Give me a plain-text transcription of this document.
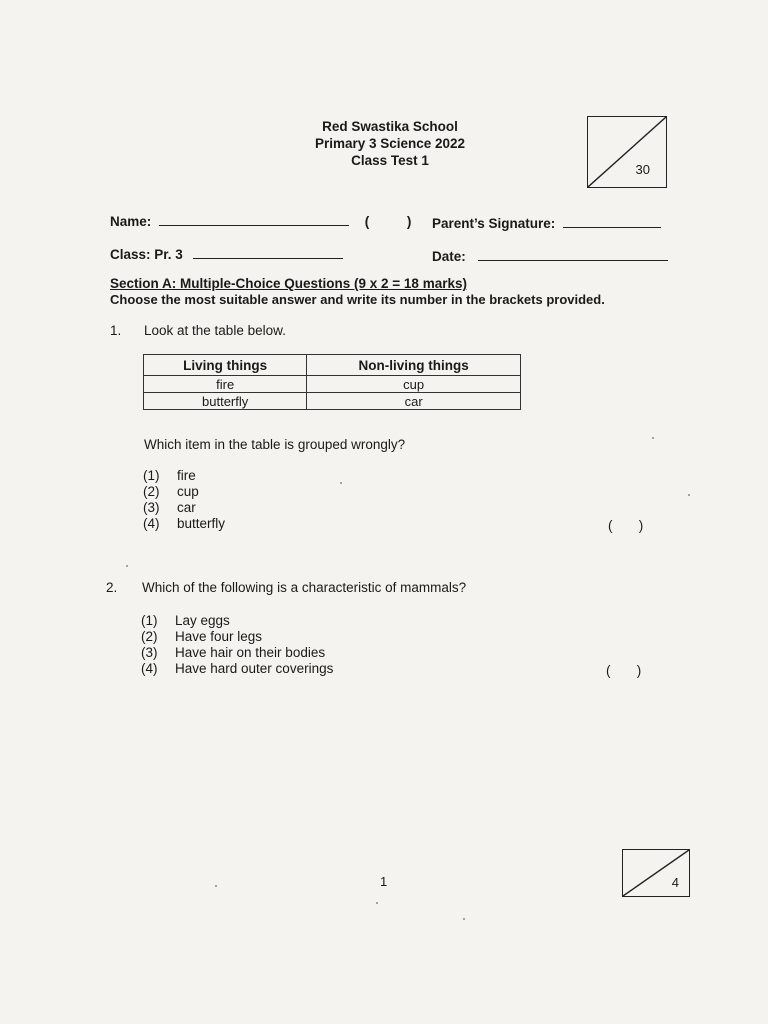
Red Swastika School
Primary 3 Science 2022
Class Test 1
30
Name:	(	) Parent’s Signature:
Class: Pr. 3	Date:
Section A: Multiple-Choice Questions (9 x 2 = 18 marks)
Choose the most suitable answer and write its number in the brackets provided.
1. Look at the table below.
Living things	Non-living things
fire	cup
butterfly	car
Which item in the table is grouped wrongly?
(1)	fire
(2)	cup
(3)	car
(4)	butterfly	(       )
2. Which of the following is a characteristic of mammals?
(1)	Lay eggs
(2)	Have four legs
(3)	Have hair on their bodies
(4)	Have hard outer coverings	(       )
4
1
